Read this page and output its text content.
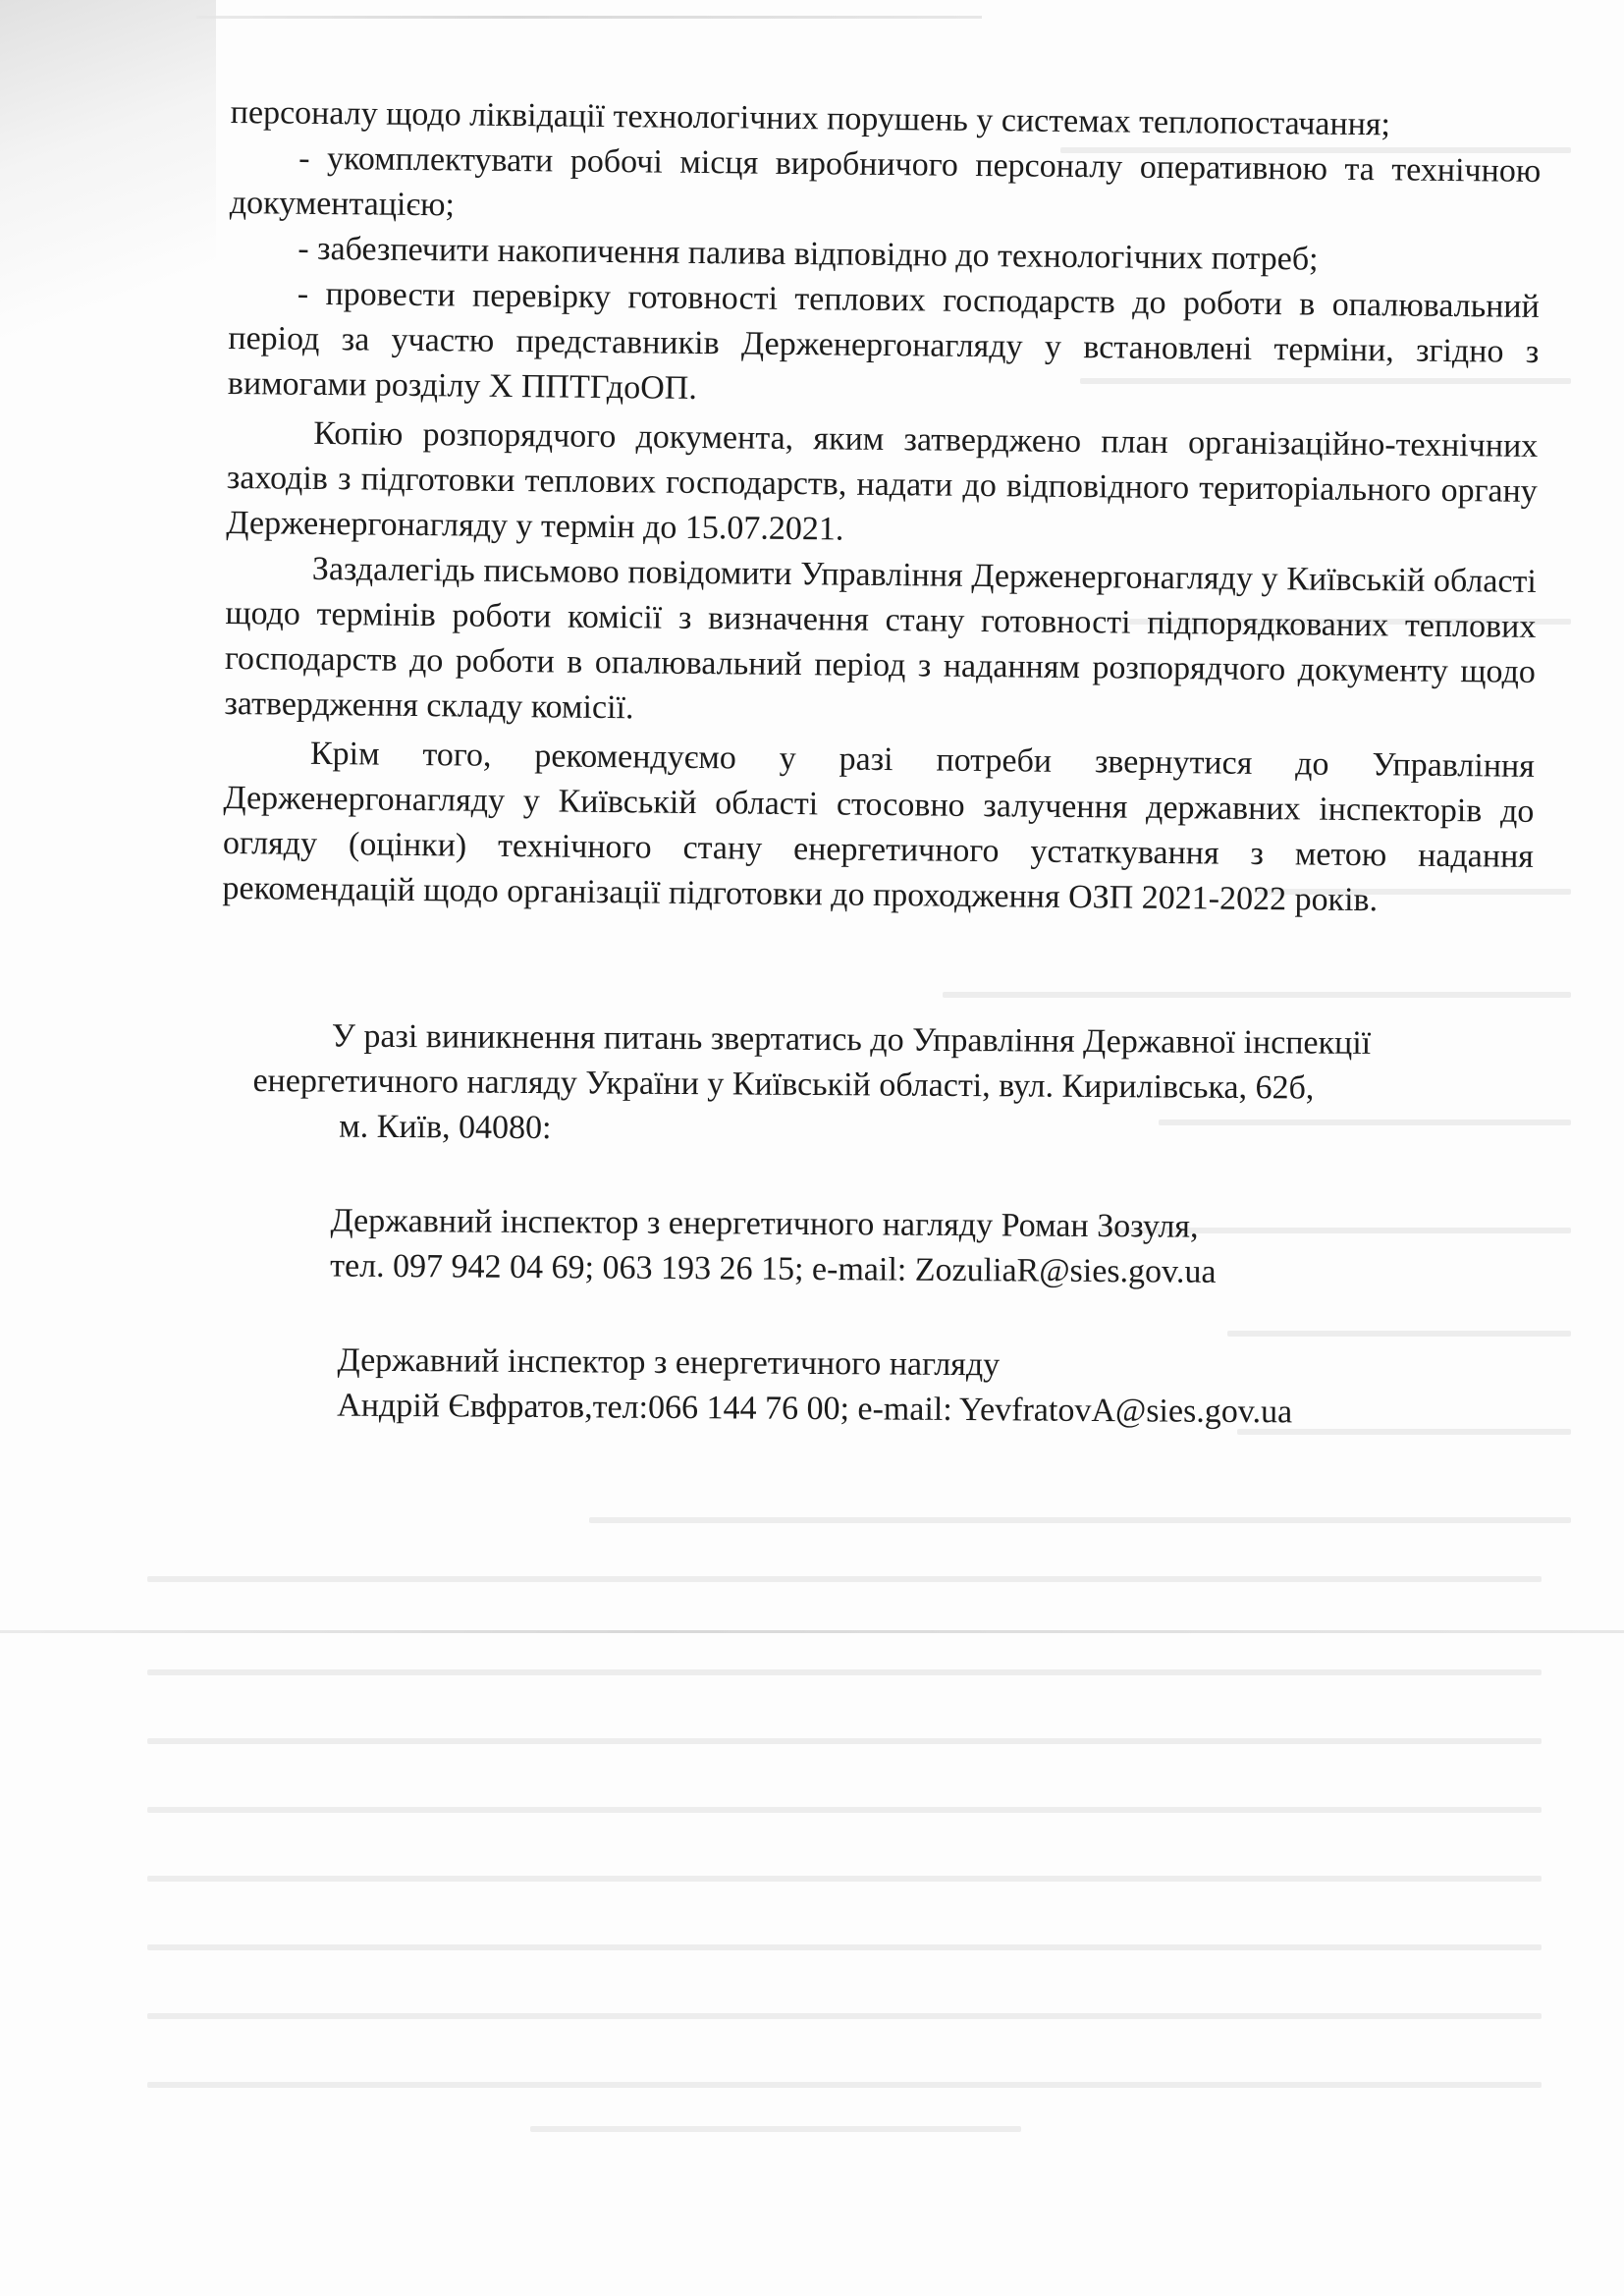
персоналу щодо ліквідації технологічних порушень у системах теплопостачання;

- укомплектувати робочі місця виробничого персоналу оперативною та технічною документацією;

- забезпечити накопичення палива відповідно до технологічних потреб;

- провести перевірку готовності теплових господарств до роботи в опалювальний період за участю представників Держенергонагляду у встановлені терміни, згідно з вимогами розділу X ППТГдоОП.

Копію розпорядчого документа, яким затверджено план організаційно-технічних заходів з підготовки теплових господарств, надати до відповідного територіального органу Держенергонагляду у термін до 15.07.2021.

Заздалегідь письмово повідомити Управління Держенергонагляду у Київській області щодо термінів роботи комісії з визначення стану готовності підпорядкованих теплових господарств до роботи в опалювальний період з наданням розпорядчого документу щодо затвердження складу комісії.

Крім того, рекомендуємо у разі потреби звернутися до Управління Держенергонагляду у Київській області стосовно залучення державних інспекторів до огляду (оцінки) технічного стану енергетичного устаткування з метою надання рекомендацій щодо організації підготовки до проходження ОЗП 2021-2022 років.

У разі виникнення питань звертатись до Управління Державної інспекції

енергетичного нагляду України у Київській області, вул. Кирилівська, 62б,

м. Київ, 04080:

Державний інспектор з енергетичного нагляду Роман Зозуля,

тел. 097 942 04 69; 063 193 26 15; e-mail: ZozuliaR@sies.gov.ua

Державний інспектор з енергетичного нагляду

Андрій Євфратов,тел:066 144 76 00; e-mail: YevfratovA@sies.gov.ua
